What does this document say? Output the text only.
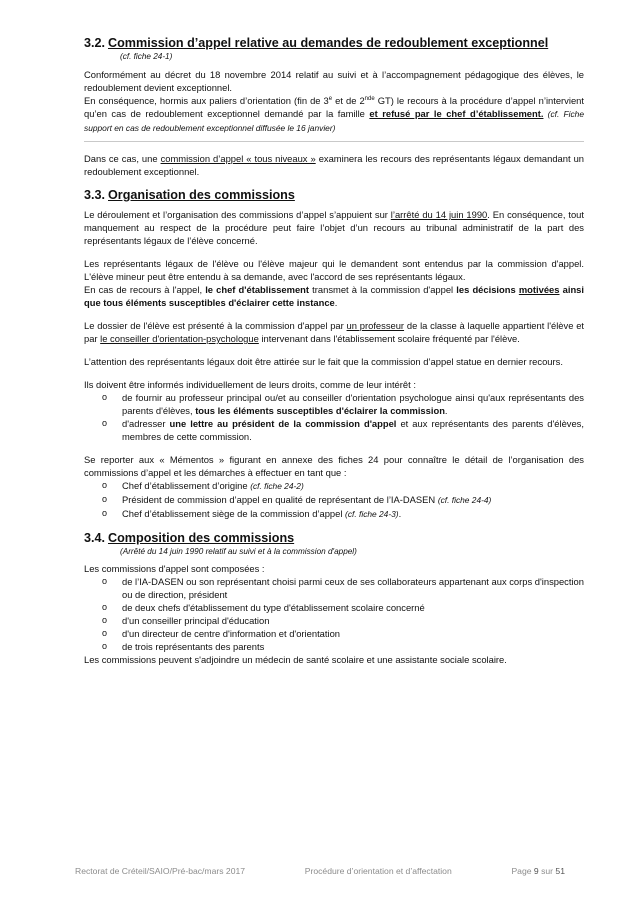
3.2. Commission d’appel relative au demandes de redoublement exceptionnel
(cf. fiche 24-1)

Conformément au décret du 18 novembre 2014 relatif au suivi et à l’accompagnement pédagogique des élèves, le redoublement devient exceptionnel.

En conséquence, hormis aux paliers d’orientation (fin de 3e et de 2nde GT) le recours à la procédure d’appel n’intervient qu’en cas de redoublement exceptionnel demandé par la famille et refusé par le chef d’établissement. (cf. Fiche support en cas de redoublement exceptionnel diffusée le 16 janvier)

Dans ce cas, une commission d’appel « tous niveaux » examinera les recours des représentants légaux demandant un redoublement exceptionnel.

3.3. Organisation des commissions

Le déroulement et l’organisation des commissions d’appel s’appuient sur l’arrêté du 14 juin 1990. En conséquence, tout manquement au respect de la procédure peut faire l’objet d’un recours au tribunal administratif de la part des représentants légaux de l’élève concerné.

Les représentants légaux de l'élève ou l'élève majeur qui le demandent sont entendus par la commission d'appel. L'élève mineur peut être entendu à sa demande, avec l'accord de ses représentants légaux.

En cas de recours à l'appel, le chef d'établissement transmet à la commission d'appel les décisions motivées ainsi que tous éléments susceptibles d'éclairer cette instance.

Le dossier de l'élève est présenté à la commission d'appel par un professeur de la classe à laquelle appartient l'élève et par le conseiller d'orientation-psychologue intervenant dans l'établissement scolaire fréquenté par l'élève.

L’attention des représentants légaux doit être attirée sur le fait que la commission d’appel statue en dernier recours.

Ils doivent être informés individuellement de leurs droits, comme de leur intérêt :

o de fournir au professeur principal ou/et au conseiller d'orientation psychologue ainsi qu'aux représentants des parents d'élèves, tous les éléments susceptibles d'éclairer la commission.
o d'adresser une lettre au président de la commission d'appel et aux représentants des parents d'élèves, membres de cette commission.

Se reporter aux « Mémentos » figurant en annexe des fiches 24 pour connaître le détail de l’organisation des commissions d’appel et les démarches à effectuer en tant que :

o Chef d’établissement d’origine (cf. fiche 24-2)
o Président de commission d’appel en qualité de représentant de l’IA-DASEN (cf. fiche 24-4)
o Chef d’établissement siège de la commission d’appel (cf. fiche 24-3).
3.4. Composition des commissions
(Arrêté du 14 juin 1990 relatif au suivi et à la commission d'appel)

Les commissions d'appel sont composées :

o de l’IA-DASEN ou son représentant choisi parmi ceux de ses collaborateurs appartenant aux corps d'inspection ou de direction, président
o de deux chefs d'établissement du type d'établissement scolaire concerné
o d'un conseiller principal d'éducation
o d'un directeur de centre d'information et d'orientation
o de trois représentants des parents

Les commissions peuvent s'adjoindre un médecin de santé scolaire et une assistante sociale scolaire.

Rectorat de Créteil/SAIO/Pré-bac/mars 2017	Procédure d’orientation et d’affectation	Page 9 sur 51
